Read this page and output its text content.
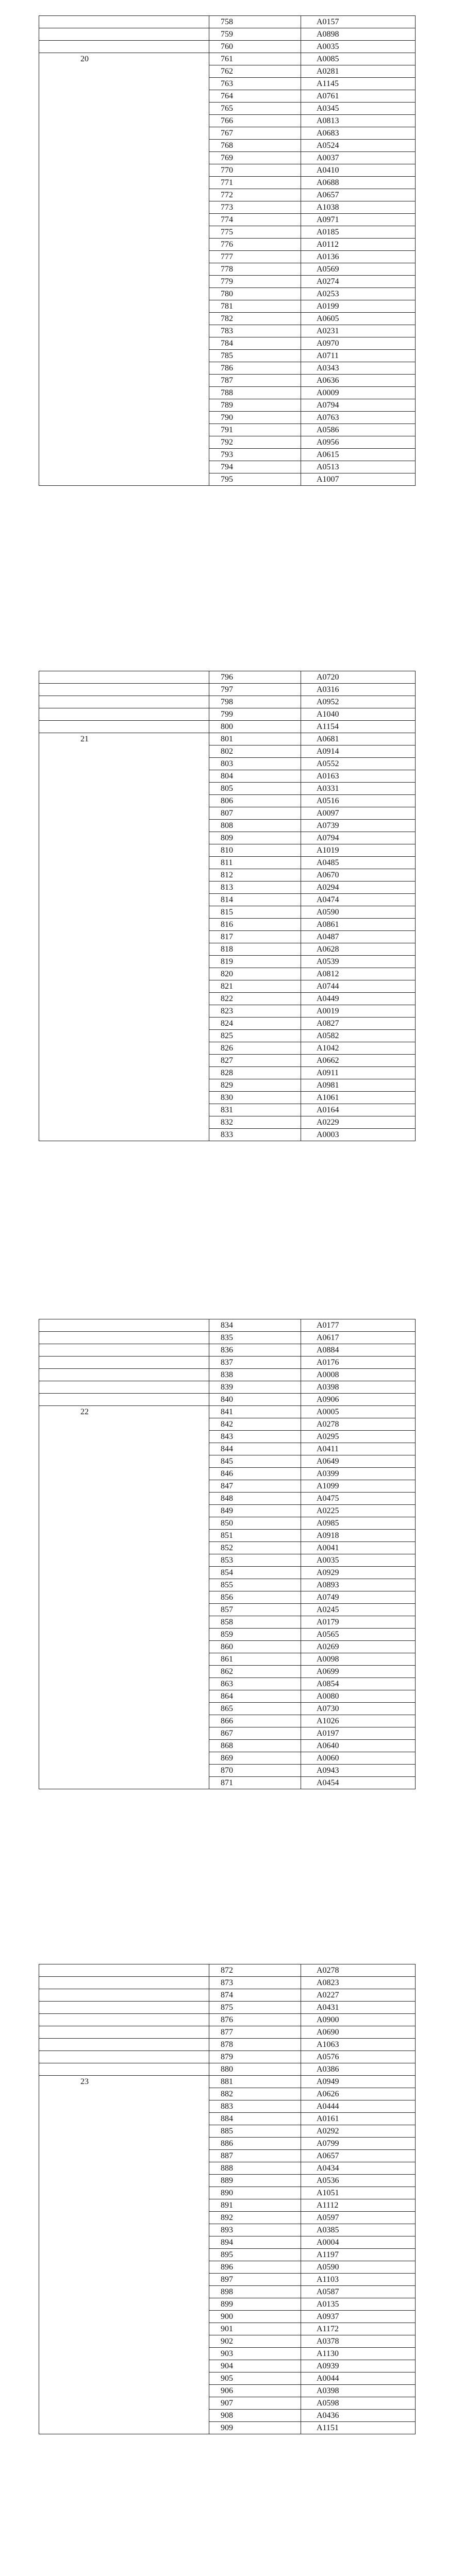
	758	A0157
	759	A0898
	760	A0035
20	761	A0085
	762	A0281
	763	A1145
	764	A0761
	765	A0345
	766	A0813
	767	A0683
	768	A0524
	769	A0037
	770	A0410
	771	A0688
	772	A0657
	773	A1038
	774	A0971
	775	A0185
	776	A0112
	777	A0136
	778	A0569
	779	A0274
	780	A0253
	781	A0199
	782	A0605
	783	A0231
	784	A0970
	785	A0711
	786	A0343
	787	A0636
	788	A0009
	789	A0794
	790	A0763
	791	A0586
	792	A0956
	793	A0615
	794	A0513
	795	A1007
	796	A0720
	797	A0316
	798	A0952
	799	A1040
	800	A1154
21	801	A0681
	802	A0914
	803	A0552
	804	A0163
	805	A0331
	806	A0516
	807	A0097
	808	A0739
	809	A0794
	810	A1019
	811	A0485
	812	A0670
	813	A0294
	814	A0474
	815	A0590
	816	A0861
	817	A0487
	818	A0628
	819	A0539
	820	A0812
	821	A0744
	822	A0449
	823	A0019
	824	A0827
	825	A0582
	826	A1042
	827	A0662
	828	A0911
	829	A0981
	830	A1061
	831	A0164
	832	A0229
	833	A0003
	834	A0177
	835	A0617
	836	A0884
	837	A0176
	838	A0008
	839	A0398
	840	A0906
22	841	A0005
	842	A0278
	843	A0295
	844	A0411
	845	A0649
	846	A0399
	847	A1099
	848	A0475
	849	A0225
	850	A0985
	851	A0918
	852	A0041
	853	A0035
	854	A0929
	855	A0893
	856	A0749
	857	A0245
	858	A0179
	859	A0565
	860	A0269
	861	A0098
	862	A0699
	863	A0854
	864	A0080
	865	A0730
	866	A1026
	867	A0197
	868	A0640
	869	A0060
	870	A0943
	871	A0454
	872	A0278
	873	A0823
	874	A0227
	875	A0431
	876	A0900
	877	A0690
	878	A1063
	879	A0576
	880	A0386
23	881	A0949
	882	A0626
	883	A0444
	884	A0161
	885	A0292
	886	A0799
	887	A0657
	888	A0434
	889	A0536
	890	A1051
	891	A1112
	892	A0597
	893	A0385
	894	A0004
	895	A1197
	896	A0590
	897	A1103
	898	A0587
	899	A0135
	900	A0937
	901	A1172
	902	A0378
	903	A1130
	904	A0939
	905	A0044
	906	A0398
	907	A0598
	908	A0436
	909	A1151
